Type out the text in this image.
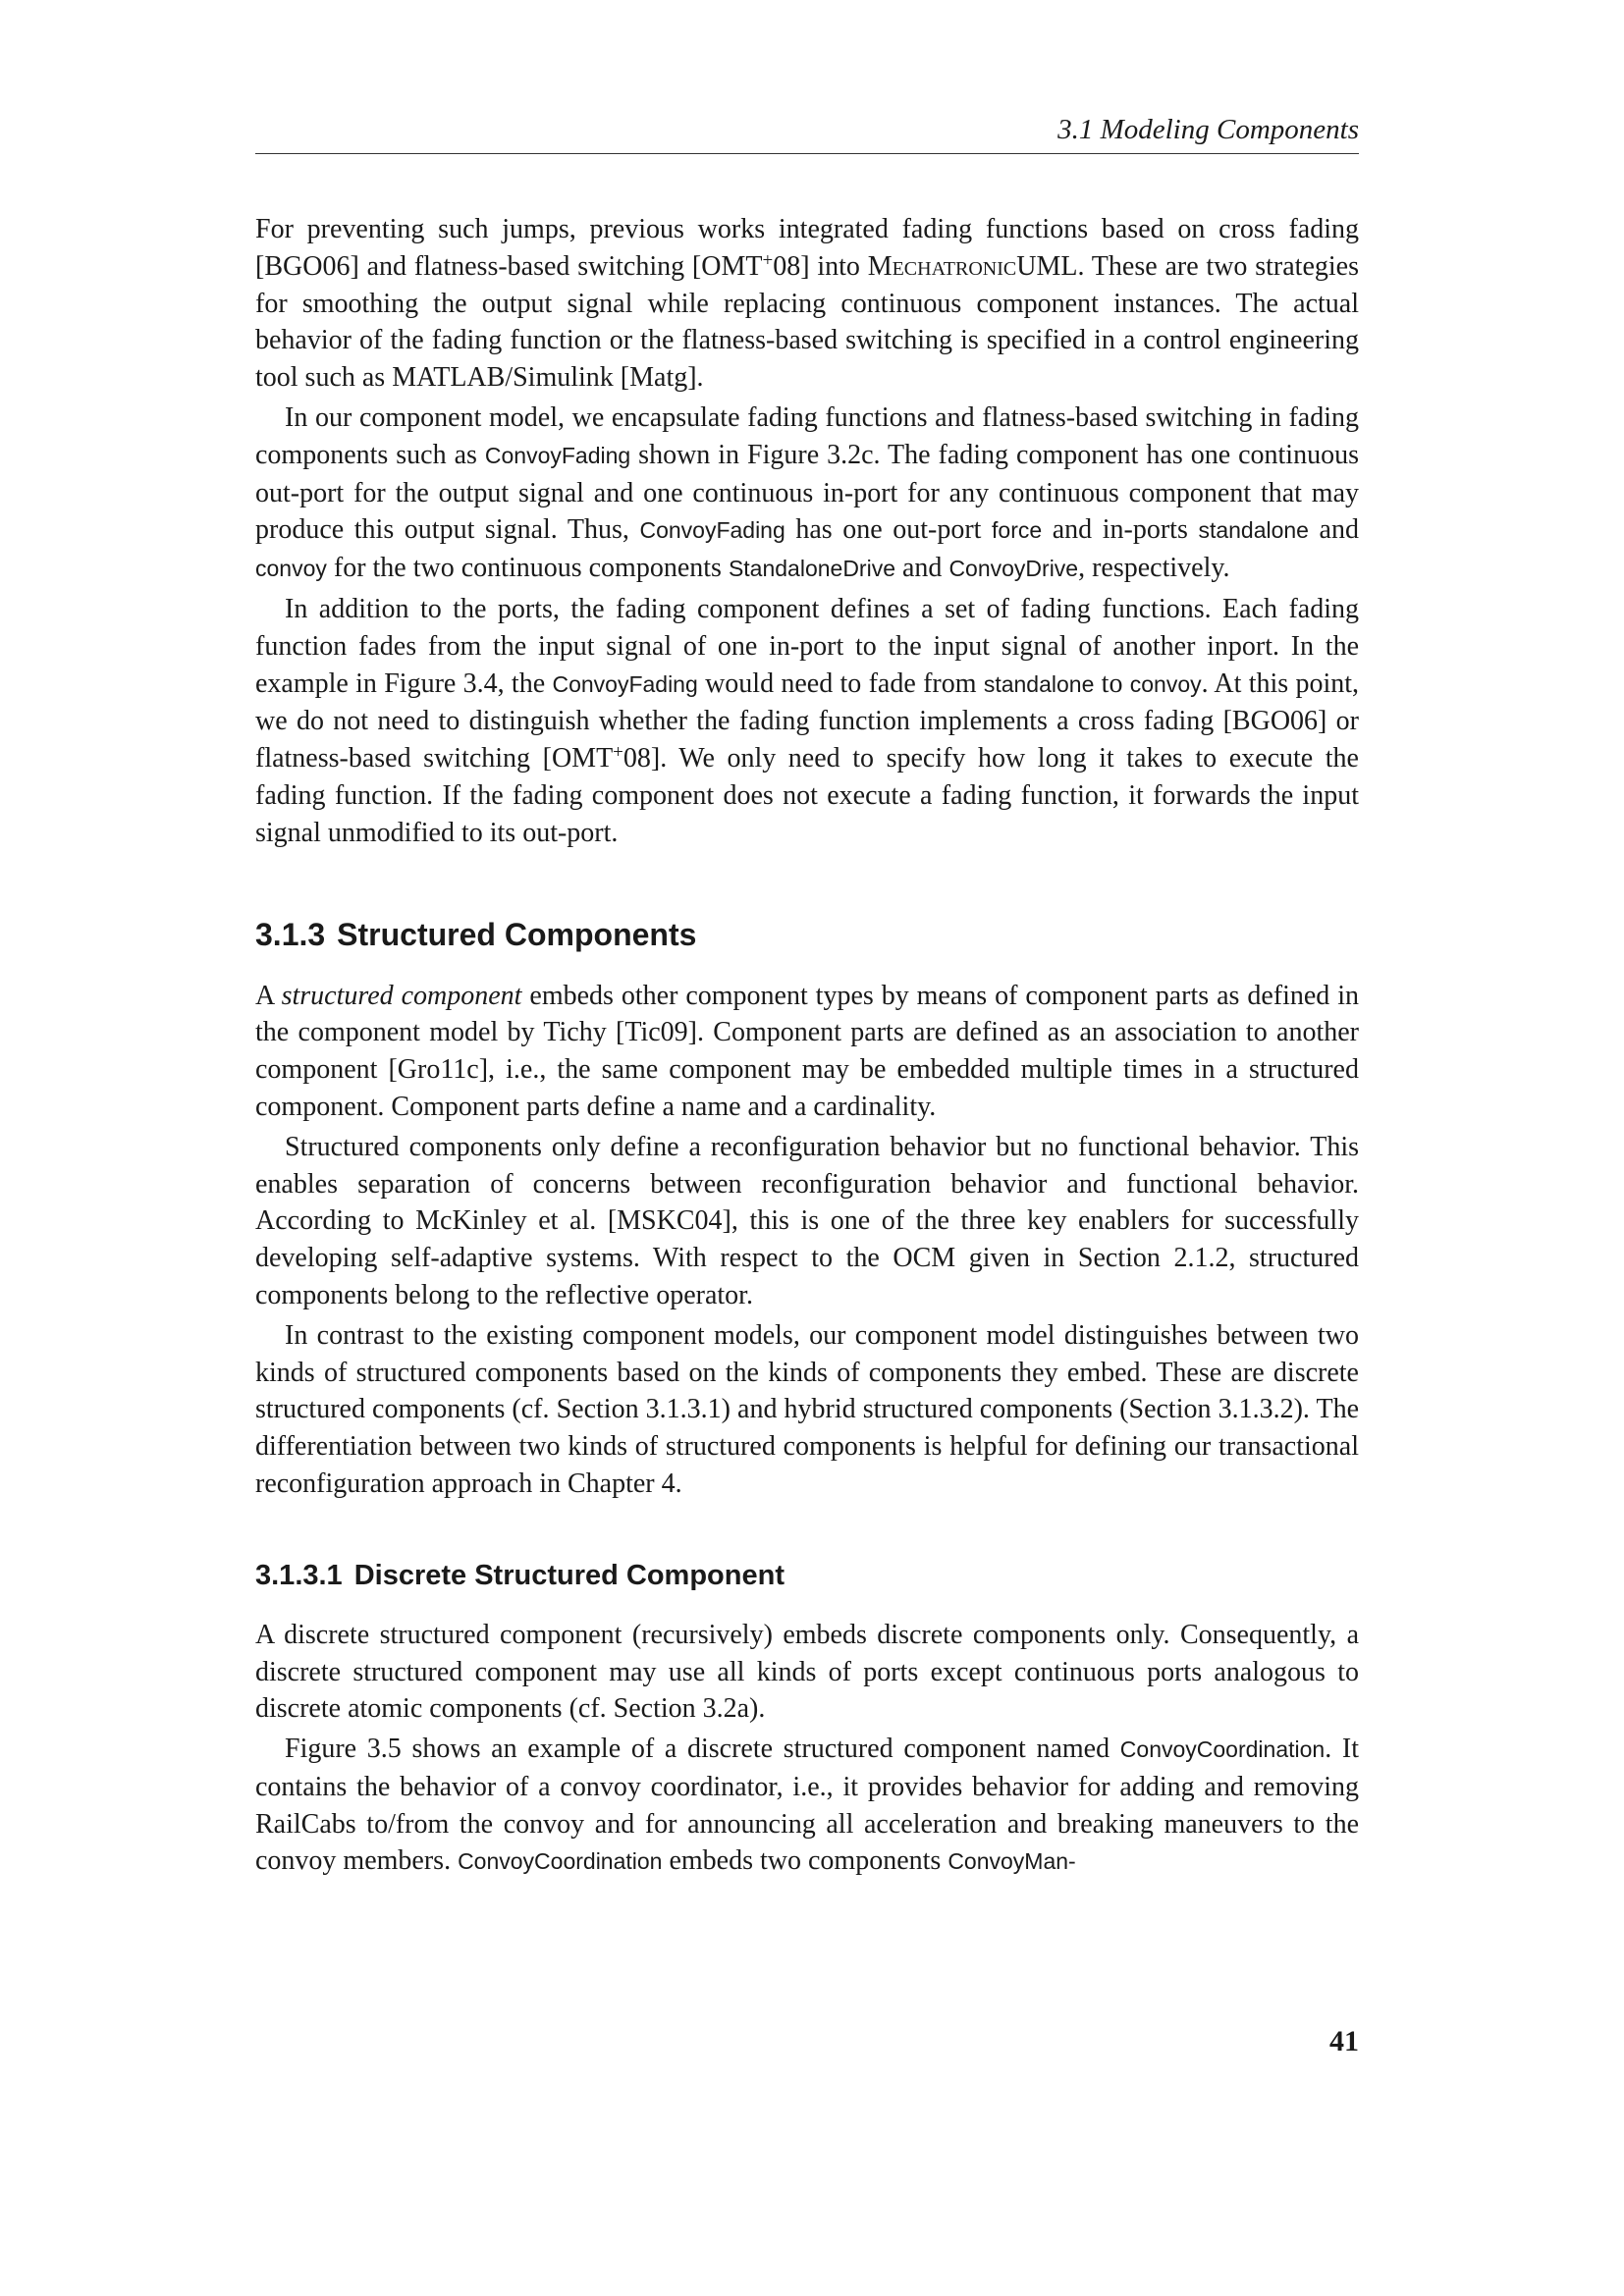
3.1 Modeling Components

For preventing such jumps, previous works integrated fading functions based on cross fading [BGO06] and flatness-based switching [OMT+08] into MechatronicUML. These are two strategies for smoothing the output signal while replacing continuous component instances. The actual behavior of the fading function or the flatness-based switching is specified in a control engineering tool such as MATLAB/Simulink [Matg].

In our component model, we encapsulate fading functions and flatness-based switching in fading components such as ConvoyFading shown in Figure 3.2c. The fading component has one continuous out-port for the output signal and one continuous in-port for any continuous component that may produce this output signal. Thus, ConvoyFading has one out-port force and in-ports standalone and convoy for the two continuous components StandaloneDrive and ConvoyDrive, respectively.

In addition to the ports, the fading component defines a set of fading functions. Each fading function fades from the input signal of one in-port to the input signal of another inport. In the example in Figure 3.4, the ConvoyFading would need to fade from standalone to convoy. At this point, we do not need to distinguish whether the fading function implements a cross fading [BGO06] or flatness-based switching [OMT+08]. We only need to specify how long it takes to execute the fading function. If the fading component does not execute a fading function, it forwards the input signal unmodified to its out-port.

3.1.3 Structured Components

A structured component embeds other component types by means of component parts as defined in the component model by Tichy [Tic09]. Component parts are defined as an association to another component [Gro11c], i.e., the same component may be embedded multiple times in a structured component. Component parts define a name and a cardinality.

Structured components only define a reconfiguration behavior but no functional behavior. This enables separation of concerns between reconfiguration behavior and functional behavior. According to McKinley et al. [MSKC04], this is one of the three key enablers for successfully developing self-adaptive systems. With respect to the OCM given in Section 2.1.2, structured components belong to the reflective operator.

In contrast to the existing component models, our component model distinguishes between two kinds of structured components based on the kinds of components they embed. These are discrete structured components (cf. Section 3.1.3.1) and hybrid structured components (Section 3.1.3.2). The differentiation between two kinds of structured components is helpful for defining our transactional reconfiguration approach in Chapter 4.

3.1.3.1 Discrete Structured Component

A discrete structured component (recursively) embeds discrete components only. Consequently, a discrete structured component may use all kinds of ports except continuous ports analogous to discrete atomic components (cf. Section 3.2a).

Figure 3.5 shows an example of a discrete structured component named ConvoyCoordination. It contains the behavior of a convoy coordinator, i.e., it provides behavior for adding and removing RailCabs to/from the convoy and for announcing all acceleration and breaking maneuvers to the convoy members. ConvoyCoordination embeds two components ConvoyMan-

41
